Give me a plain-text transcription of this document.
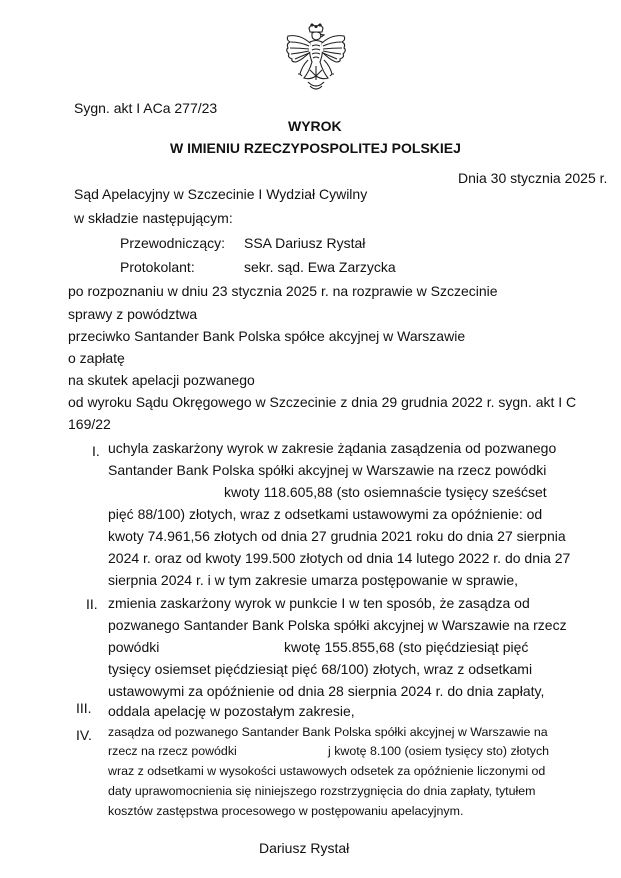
Sygn. akt I ACa 277/23
WYROK
W IMIENIU RZECZYPOSPOLITEJ POLSKIEJ
Dnia 30 stycznia 2025 r.
Sąd Apelacyjny w Szczecinie I Wydział Cywilny
w składzie następującym:
Przewodniczący: SSA Dariusz Rystał
Protokolant:	sekr. sąd. Ewa Zarzycka
po rozpoznaniu w dniu 23 stycznia 2025 r. na rozprawie w Szczecinie
sprawy z powództwa
przeciwko Santander Bank Polska spółce akcyjnej w Warszawie
o zapłatę
na skutek apelacji pozwanego
od wyroku Sądu Okręgowego w Szczecinie z dnia 29 grudnia 2022 r. sygn. akt I C
169/22
I. uchyla zaskarżony wyrok w zakresie żądania zasądzenia od pozwanego
Santander Bank Polska spółki akcyjnej w Warszawie na rzecz powódki
kwoty 118.605,88 (sto osiemnaście tysięcy sześćset
pięć 88/100) złotych, wraz z odsetkami ustawowymi za opóźnienie: od
kwoty 74.961,56 złotych od dnia 27 grudnia 2021 roku do dnia 27 sierpnia
2024 r. oraz od kwoty 199.500 złotych od dnia 14 lutego 2022 r. do dnia 27
sierpnia 2024 r. i w tym zakresie umarza postępowanie w sprawie,
II. zmienia zaskarżony wyrok w punkcie I w ten sposób, że zasądza od
pozwanego Santander Bank Polska spółki akcyjnej w Warszawie na rzecz
powódki	kwotę 155.855,68 (sto pięćdziesiąt pięć
tysięcy osiemset pięćdziesiąt pięć 68/100) złotych, wraz z odsetkami
ustawowymi za opóźnienie od dnia 28 sierpnia 2024 r. do dnia zapłaty,
III. oddala apelację w pozostałym zakresie,
IV. zasądza od pozwanego Santander Bank Polska spółki akcyjnej w Warszawie na
rzecz na rzecz powódki	j kwotę 8.100 (osiem tysięcy sto) złotych
wraz z odsetkami w wysokości ustawowych odsetek za opóźnienie liczonymi od
daty uprawomocnienia się niniejszego rozstrzygnięcia do dnia zapłaty, tytułem
kosztów zastępstwa procesowego w postępowaniu apelacyjnym.
Dariusz Rystał
